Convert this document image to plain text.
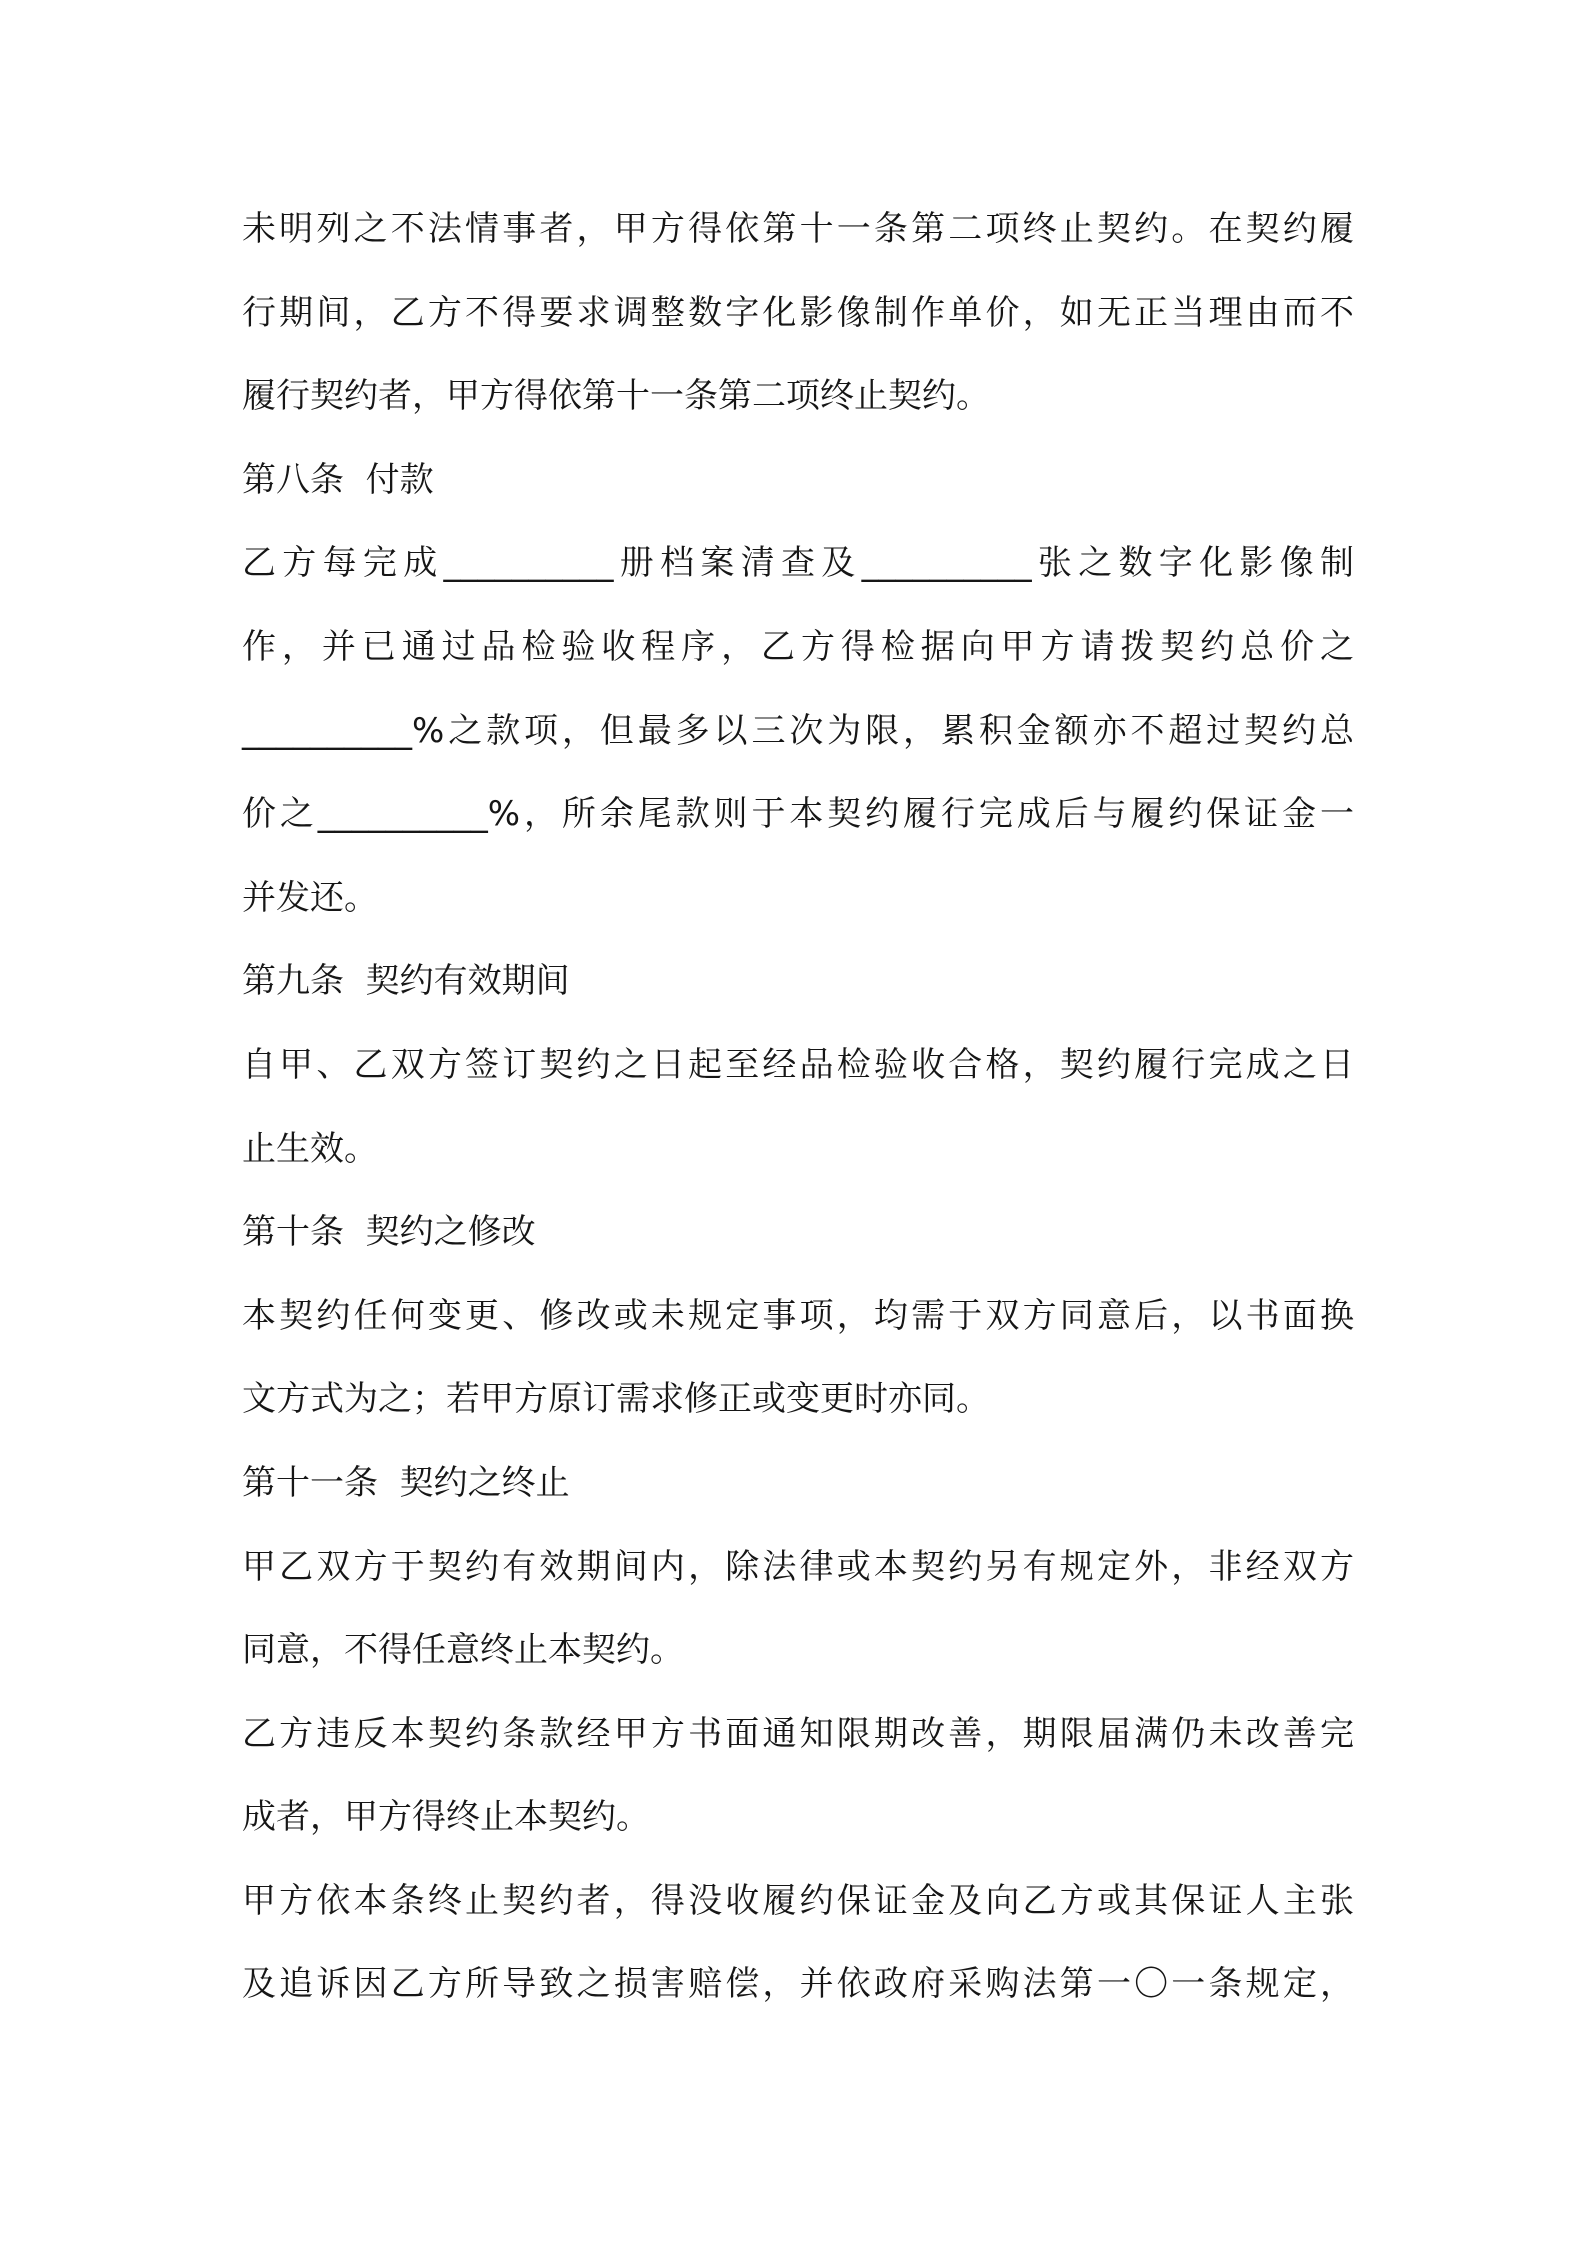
未明列之不法情事者，甲方得依第十一条第二项终止契约。在契约履
行期间，乙方不得要求调整数字化影像制作单价，如无正当理由而不
履行契约者，甲方得依第十一条第二项终止契约。
第八条  付款
乙方每完成__________册档案清查及__________张之数字化影像制
作，并已通过品检验收程序，乙方得检据向甲方请拨契约总价之
__________%之款项，但最多以三次为限，累积金额亦不超过契约总
价之__________%，所余尾款则于本契约履行完成后与履约保证金一
并发还。
第九条  契约有效期间
自甲、乙双方签订契约之日起至经品检验收合格，契约履行完成之日
止生效。
第十条  契约之修改
本契约任何变更、修改或未规定事项，均需于双方同意后，以书面换
文方式为之；若甲方原订需求修正或变更时亦同。
第十一条  契约之终止
甲乙双方于契约有效期间内，除法律或本契约另有规定外，非经双方
同意，不得任意终止本契约。
乙方违反本契约条款经甲方书面通知限期改善，期限届满仍未改善完
成者，甲方得终止本契约。
甲方依本条终止契约者，得没收履约保证金及向乙方或其保证人主张
及追诉因乙方所导致之损害赔偿，并依政府采购法第一〇一条规定，
